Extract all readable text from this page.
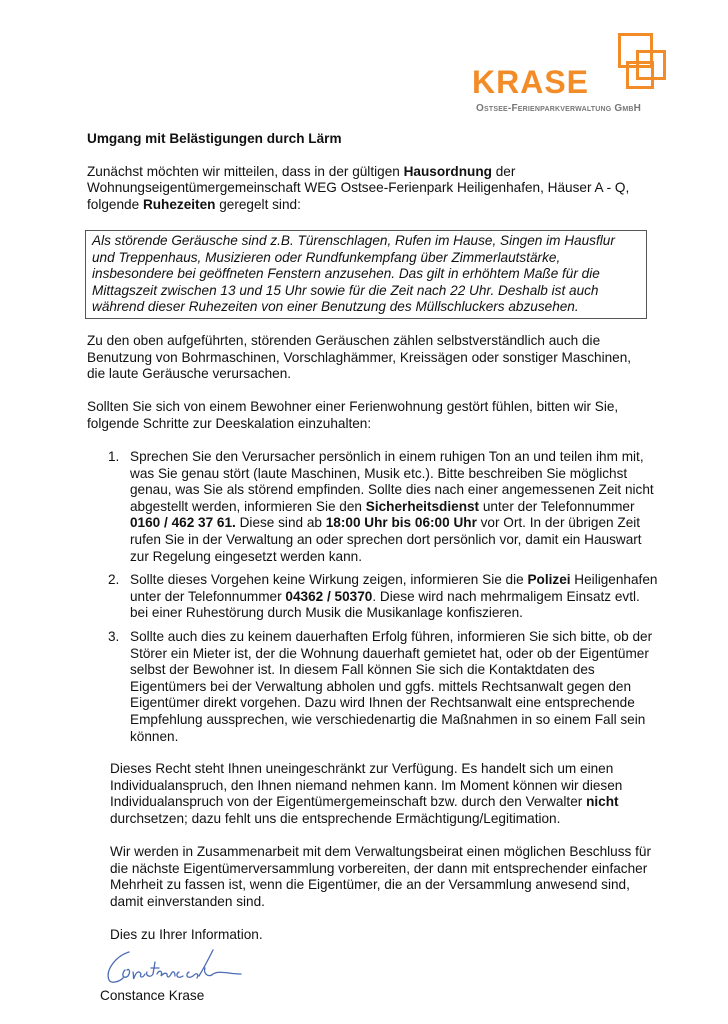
KRASE
Ostsee-Ferienparkverwaltung GmbH
Umgang mit Belästigungen durch Lärm

Zunächst möchten wir mitteilen, dass in der gültigen Hausordnung der Wohnungseigentümergemeinschaft WEG Ostsee-Ferienpark Heiligenhafen, Häuser A - Q, folgende Ruhezeiten geregelt sind:

Als störende Geräusche sind z.B. Türenschlagen, Rufen im Hause, Singen im Hausflur und Treppenhaus, Musizieren oder Rundfunkempfang über Zimmerlautstärke, insbesondere bei geöffneten Fenstern anzusehen. Das gilt in erhöhtem Maße für die Mittagszeit zwischen 13 und 15 Uhr sowie für die Zeit nach 22 Uhr. Deshalb ist auch während dieser Ruhezeiten von einer Benutzung des Müllschluckers abzusehen.

Zu den oben aufgeführten, störenden Geräuschen zählen selbstverständlich auch die Benutzung von Bohrmaschinen, Vorschlaghämmer, Kreissägen oder sonstiger Maschinen, die laute Geräusche verursachen.

Sollten Sie sich von einem Bewohner einer Ferienwohnung gestört fühlen, bitten wir Sie, folgende Schritte zur Deeskalation einzuhalten:

1. Sprechen Sie den Verursacher persönlich in einem ruhigen Ton an und teilen ihm mit, was Sie genau stört (laute Maschinen, Musik etc.). Bitte beschreiben Sie möglichst genau, was Sie als störend empfinden. Sollte dies nach einer angemessenen Zeit nicht abgestellt werden, informieren Sie den Sicherheitsdienst unter der Telefonnummer 0160 / 462 37 61. Diese sind ab 18:00 Uhr bis 06:00 Uhr vor Ort. In der übrigen Zeit rufen Sie in der Verwaltung an oder sprechen dort persönlich vor, damit ein Hauswart zur Regelung eingesetzt werden kann.
2. Sollte dieses Vorgehen keine Wirkung zeigen, informieren Sie die Polizei Heiligenhafen unter der Telefonnummer 04362 / 50370. Diese wird nach mehrmaligem Einsatz evtl. bei einer Ruhestörung durch Musik die Musikanlage konfiszieren.
3. Sollte auch dies zu keinem dauerhaften Erfolg führen, informieren Sie sich bitte, ob der Störer ein Mieter ist, der die Wohnung dauerhaft gemietet hat, oder ob der Eigentümer selbst der Bewohner ist. In diesem Fall können Sie sich die Kontaktdaten des Eigentümers bei der Verwaltung abholen und ggfs. mittels Rechtsanwalt gegen den Eigentümer direkt vorgehen. Dazu wird Ihnen der Rechtsanwalt eine entsprechende Empfehlung aussprechen, wie verschiedenartig die Maßnahmen in so einem Fall sein können.

Dieses Recht steht Ihnen uneingeschränkt zur Verfügung. Es handelt sich um einen Individualanspruch, den Ihnen niemand nehmen kann. Im Moment können wir diesen Individualanspruch von der Eigentümergemeinschaft bzw. durch den Verwalter nicht durchsetzen; dazu fehlt uns die entsprechende Ermächtigung/Legitimation.

Wir werden in Zusammenarbeit mit dem Verwaltungsbeirat einen möglichen Beschluss für die nächste Eigentümerversammlung vorbereiten, der dann mit entsprechender einfacher Mehrheit zu fassen ist, wenn die Eigentümer, die an der Versammlung anwesend sind, damit einverstanden sind.

Dies zu Ihrer Information.
Constance Krase
